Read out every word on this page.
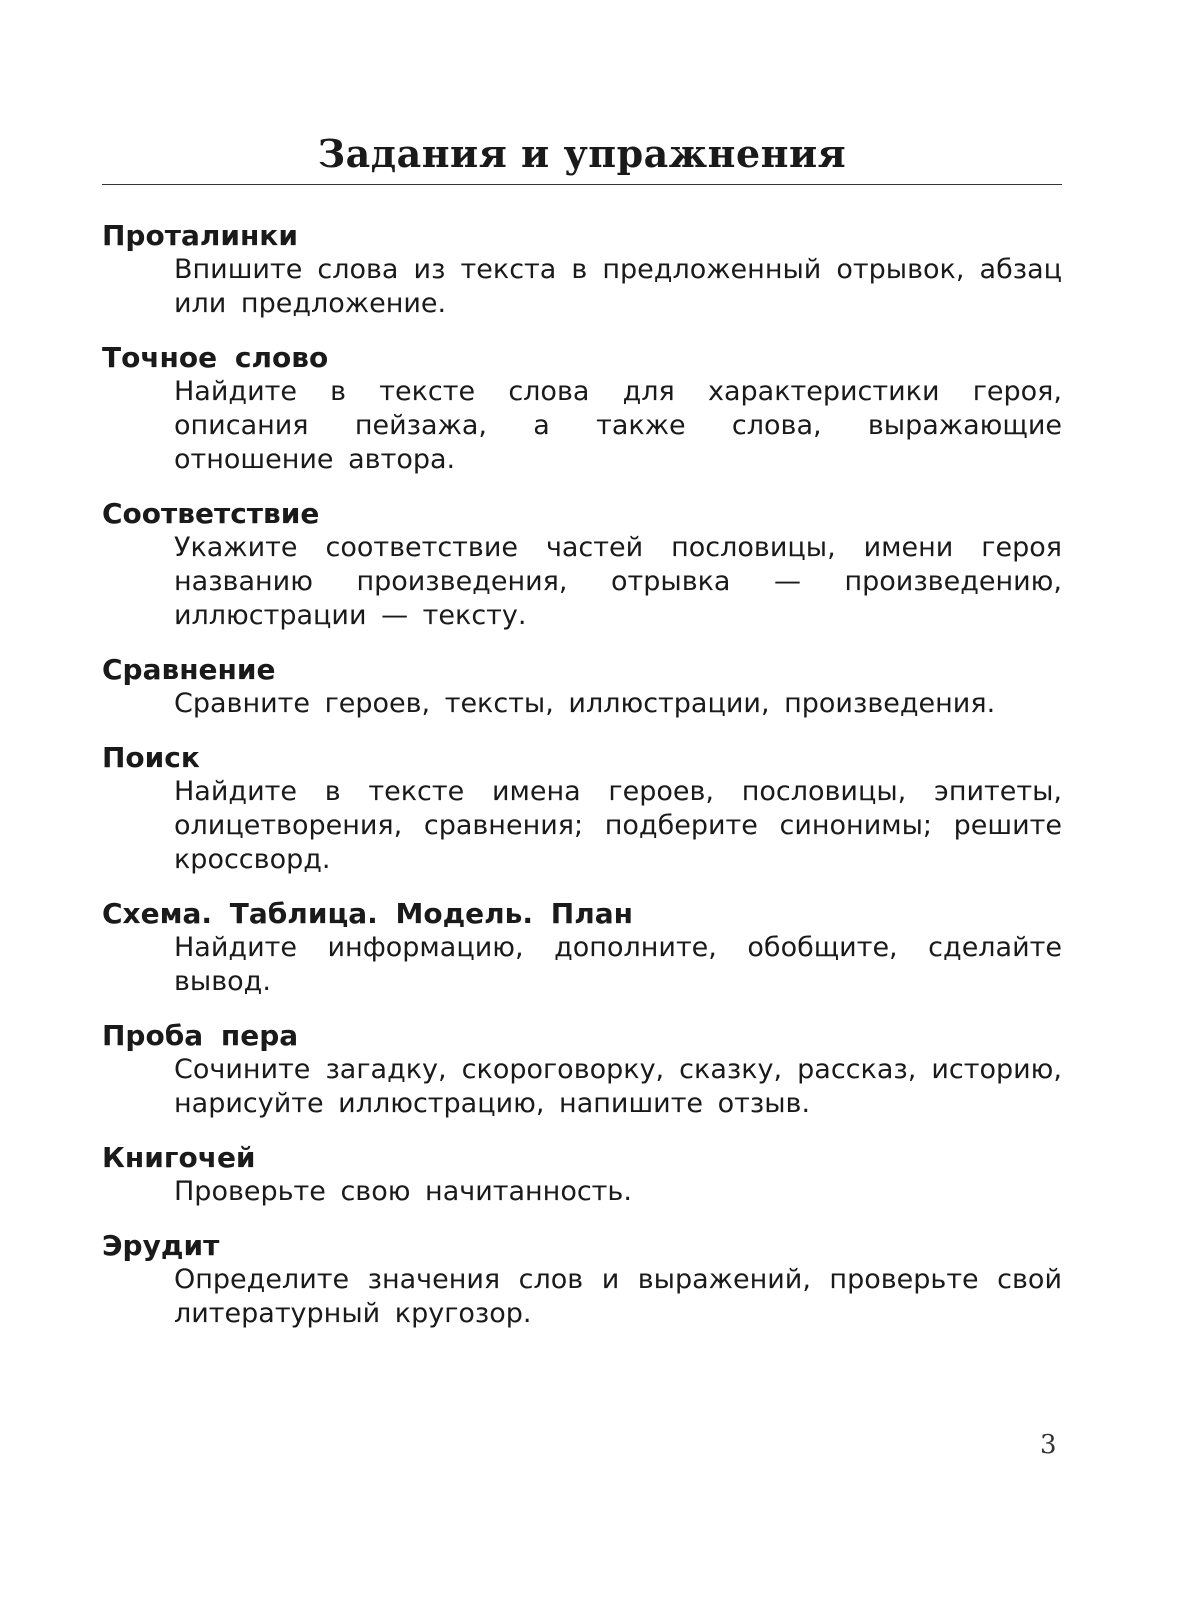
Задания и упражнения

Проталинки

Впишите слова из текста в предложенный отрывок, абзац или предложение.

Точное слово

Найдите в тексте слова для характеристики героя, описания пейзажа, а также слова, выражающие отношение автора.

Соответствие

Укажите соответствие частей пословицы, имени героя названию произведения, отрывка — произведению, иллюстрации — тексту.

Сравнение

Сравните героев, тексты, иллюстрации, произведения.

Поиск

Найдите в тексте имена героев, пословицы, эпитеты, олицетворения, сравнения; подберите синонимы; решите кроссворд.

Схема. Таблица. Модель. План

Найдите информацию, дополните, обобщите, сделайте вывод.

Проба пера

Сочините загадку, скороговорку, сказку, рассказ, историю, нарисуйте иллюстрацию, напишите отзыв.

Книгочей

Проверьте свою начитанность.

Эрудит

Определите значения слов и выражений, проверьте свой литературный кругозор.

3
